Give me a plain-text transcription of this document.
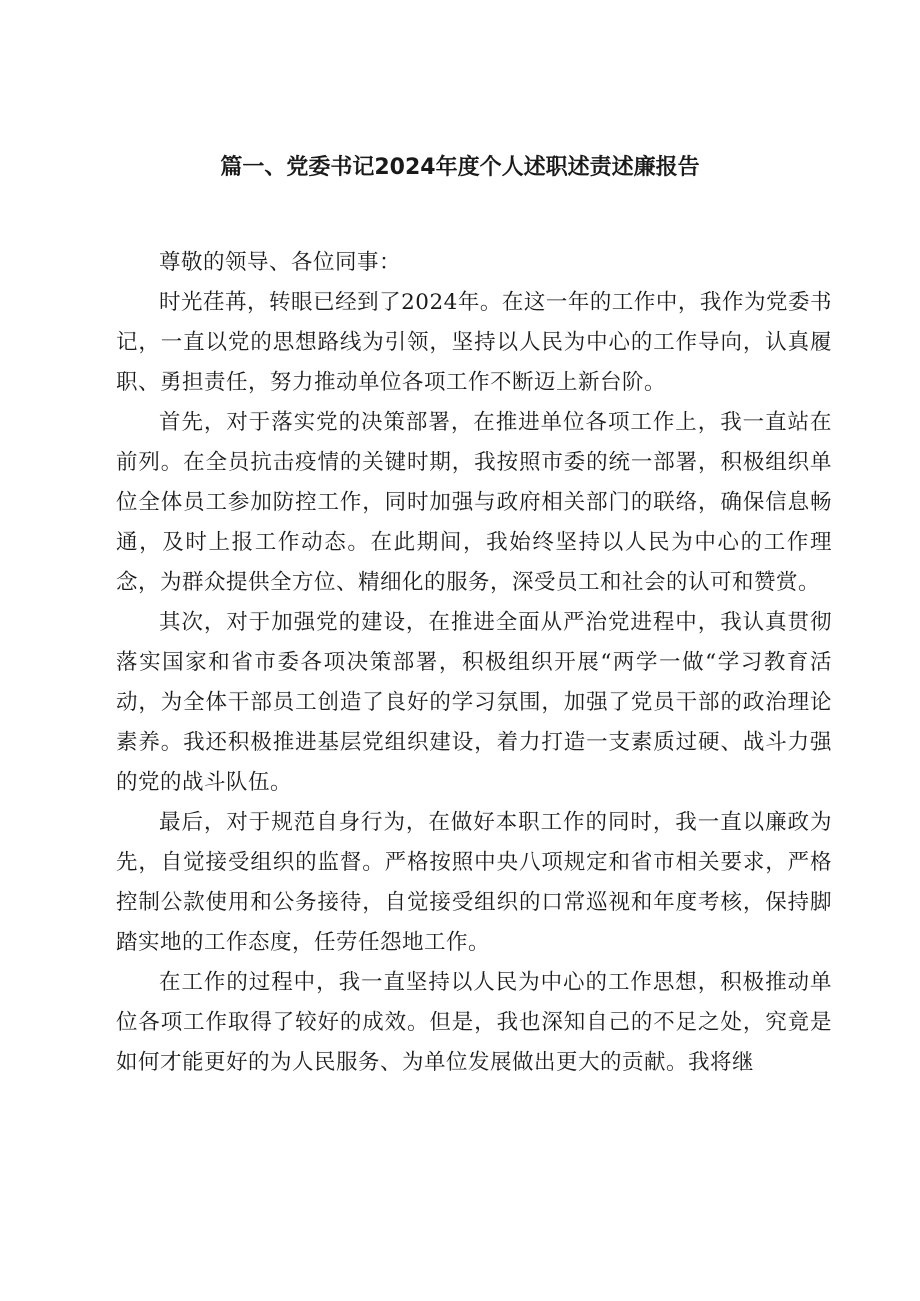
篇一、党委书记2024年度个人述职述责述廉报告

尊敬的领导、各位同事：

时光荏苒，转眼已经到了2024年。在这一年的工作中，我作为党委书记，一直以党的思想路线为引领，坚持以人民为中心的工作导向，认真履职、勇担责任，努力推动单位各项工作不断迈上新台阶。

首先，对于落实党的决策部署，在推进单位各项工作上，我一直站在前列。在全员抗击疫情的关键时期，我按照市委的统一部署，积极组织单位全体员工参加防控工作，同时加强与政府相关部门的联络，确保信息畅通，及时上报工作动态。在此期间，我始终坚持以人民为中心的工作理念，为群众提供全方位、精细化的服务，深受员工和社会的认可和赞赏。

其次，对于加强党的建设，在推进全面从严治党进程中，我认真贯彻落实国家和省市委各项决策部署，积极组织开展“两学一做“学习教育活动，为全体干部员工创造了良好的学习氛围，加强了党员干部的政治理论素养。我还积极推进基层党组织建设，着力打造一支素质过硬、战斗力强的党的战斗队伍。

最后，对于规范自身行为，在做好本职工作的同时，我一直以廉政为先，自觉接受组织的监督。严格按照中央八项规定和省市相关要求，严格控制公款使用和公务接待，自觉接受组织的口常巡视和年度考核，保持脚踏实地的工作态度，任劳任怨地工作。

在工作的过程中，我一直坚持以人民为中心的工作思想，积极推动单位各项工作取得了较好的成效。但是，我也深知自己的不足之处，究竟是如何才能更好的为人民服务、为单位发展做出更大的贡献。我将继
